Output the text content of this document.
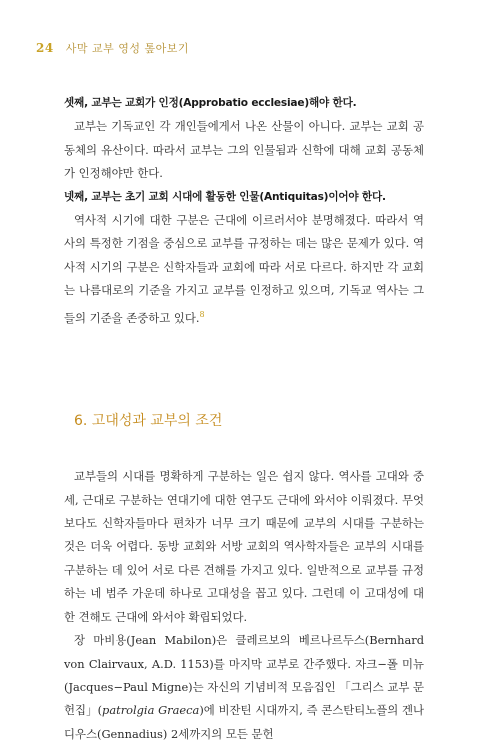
24 사막 교부 영성 톺아보기

셋째, 교부는 교회가 인정(Approbatio ecclesiae)해야 한다.

교부는 기독교인 각 개인들에게서 나온 산물이 아니다. 교부는 교회 공동체의 유산이다. 따라서 교부는 그의 인물됨과 신학에 대해 교회 공동체가 인정해야만 한다.

넷째, 교부는 초기 교회 시대에 활동한 인물(Antiquitas)이어야 한다.

역사적 시기에 대한 구분은 근대에 이르러서야 분명해졌다. 따라서 역사의 특정한 기점을 중심으로 교부를 규정하는 데는 많은 문제가 있다. 역사적 시기의 구분은 신학자들과 교회에 따라 서로 다르다. 하지만 각 교회는 나름대로의 기준을 가지고 교부를 인정하고 있으며, 기독교 역사는 그들의 기준을 존중하고 있다.$^8$

6. 고대성과 교부의 조건

교부들의 시대를 명확하게 구분하는 일은 쉽지 않다. 역사를 고대와 중세, 근대로 구분하는 연대기에 대한 연구도 근대에 와서야 이뤄졌다. 무엇보다도 신학자들마다 편차가 너무 크기 때문에 교부의 시대를 구분하는 것은 더욱 어렵다. 동방 교회와 서방 교회의 역사학자들은 교부의 시대를 구분하는 데 있어 서로 다른 견해를 가지고 있다. 일반적으로 교부를 규정하는 네 범주 가운데 하나로 고대성을 꼽고 있다. 그런데 이 고대성에 대한 견해도 근대에 와서야 확립되었다.

장 마비용(Jean Mabilon)은 클레르보의 베르나르두스(Bernhard von Clairvaux, A.D. 1153)를 마지막 교부로 간주했다. 자크−폴 미뉴(Jacques−Paul Migne)는 자신의 기념비적 모음집인 「그리스 교부 문헌집」(patrolgia Graeca)에 비잔틴 시대까지, 즉 콘스탄티노플의 겐나디우스(Gennadius) 2세까지의 모든 문헌
